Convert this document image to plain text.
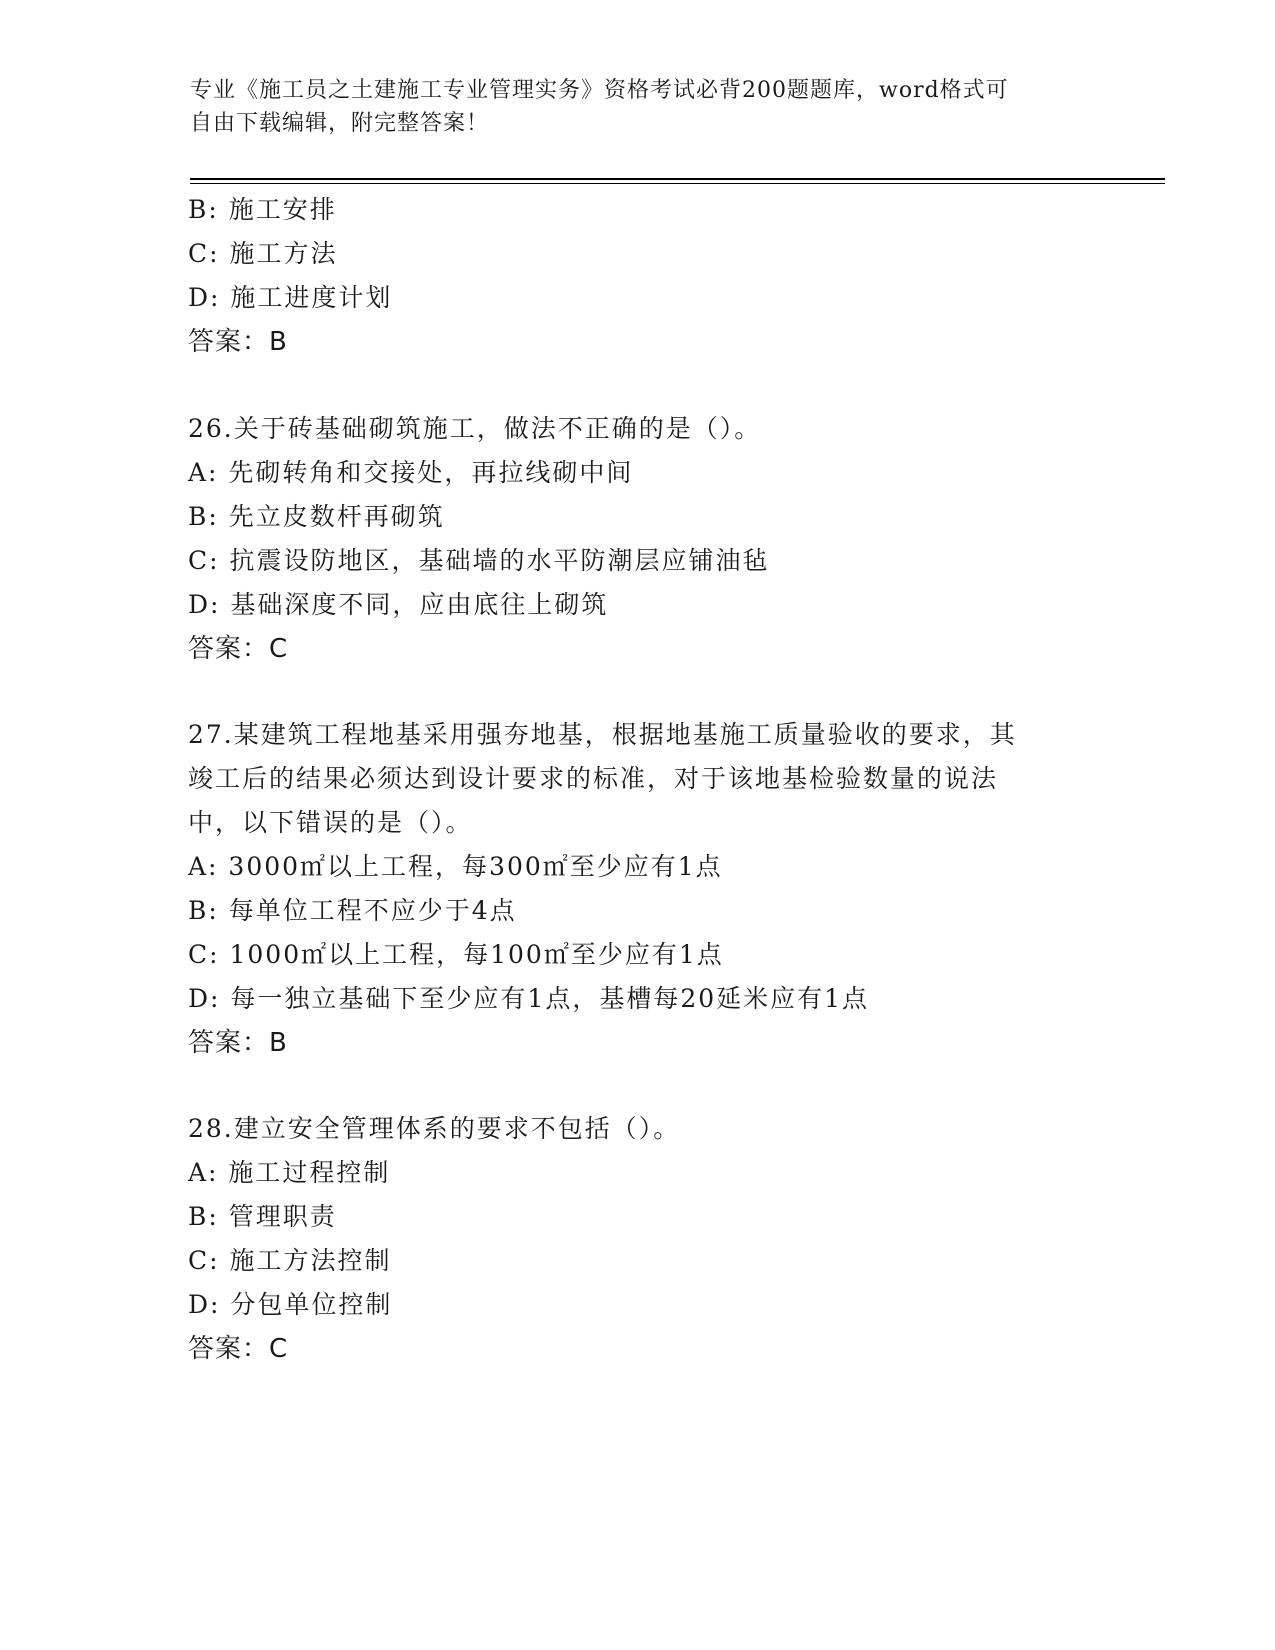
专业《施工员之土建施工专业管理实务》资格考试必背200题题库，word格式可
自由下载编辑，附完整答案！
B: 施工安排
C: 施工方法
D: 施工进度计划
答案：B
26.关于砖基础砌筑施工，做法不正确的是（）。
A: 先砌转角和交接处，再拉线砌中间
B: 先立皮数杆再砌筑
C: 抗震设防地区，基础墙的水平防潮层应铺油毡
D: 基础深度不同，应由底往上砌筑
答案：C
27.某建筑工程地基采用强夯地基，根据地基施工质量验收的要求，其
竣工后的结果必须达到设计要求的标准，对于该地基检验数量的说法
中，以下错误的是（）。
A: 3000㎡以上工程，每300㎡至少应有1点
B: 每单位工程不应少于4点
C: 1000㎡以上工程，每100㎡至少应有1点
D: 每一独立基础下至少应有1点，基槽每20延米应有1点
答案：B
28.建立安全管理体系的要求不包括（）。
A: 施工过程控制
B: 管理职责
C: 施工方法控制
D: 分包单位控制
答案：C
